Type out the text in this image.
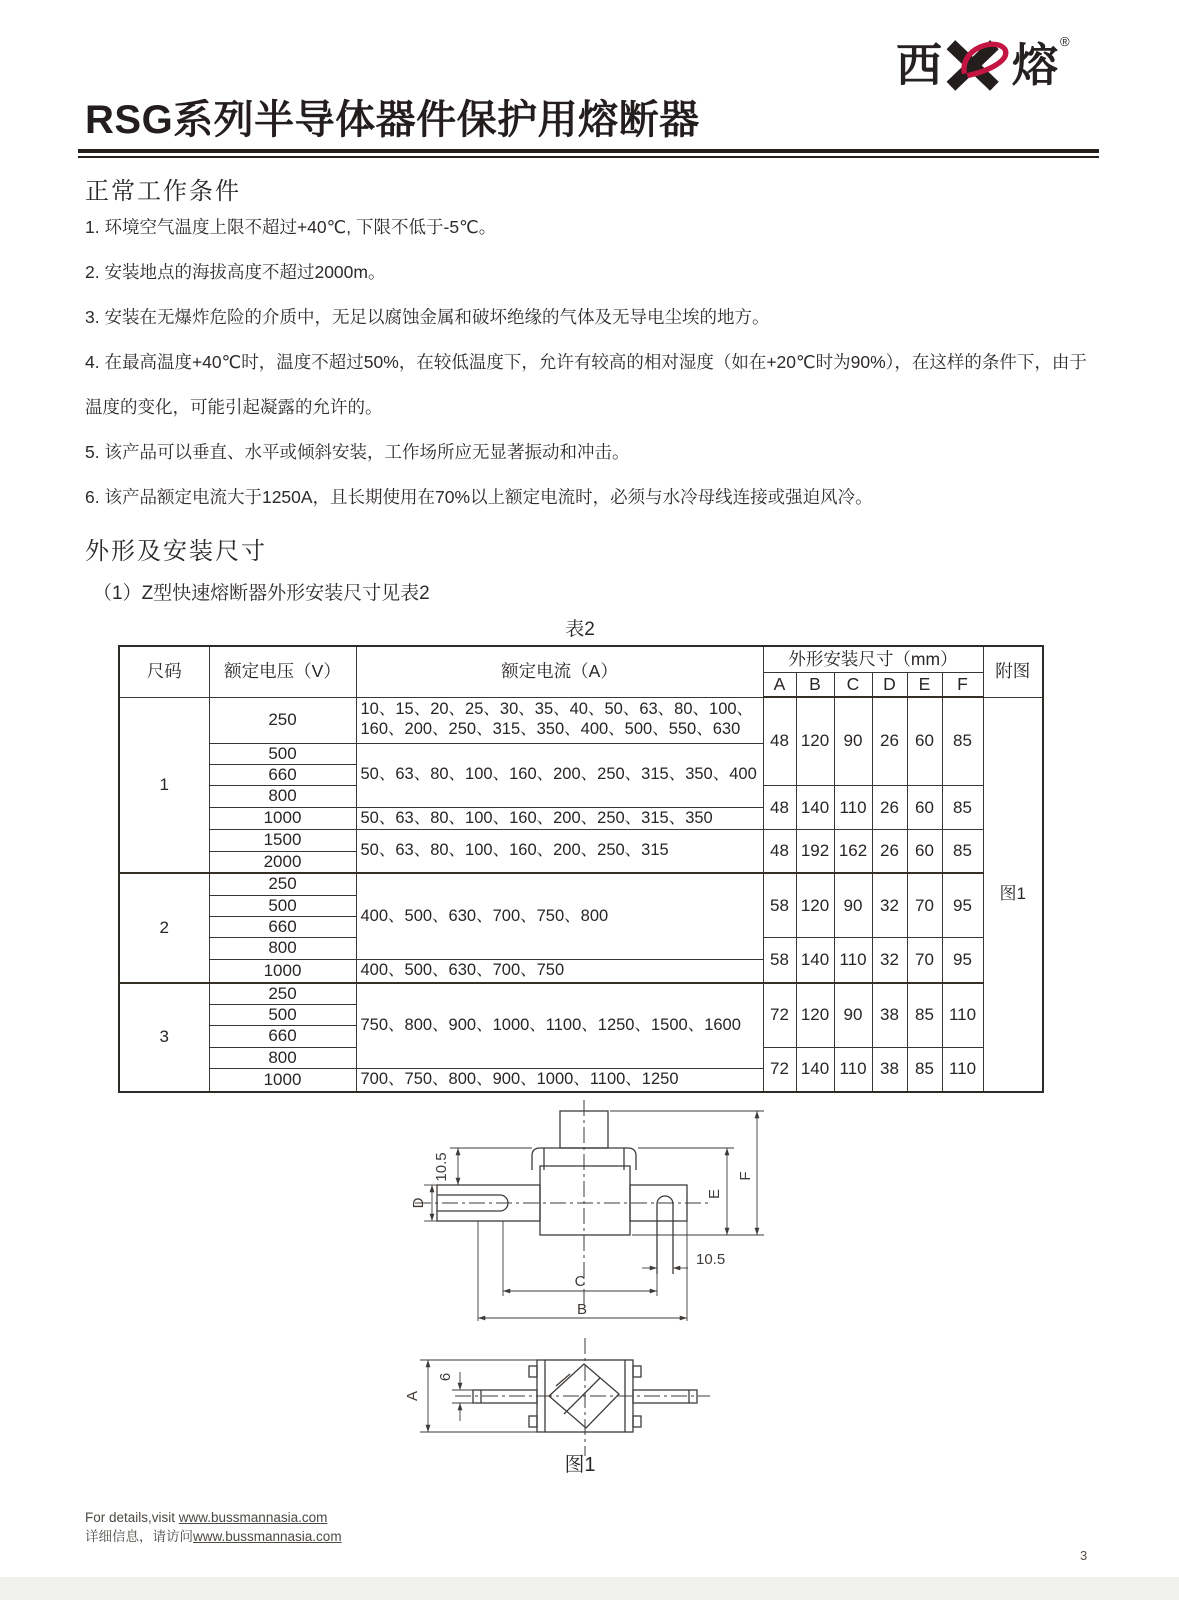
西 熔 ®
RSG系列半导体器件保护用熔断器
正常工作条件
1. 环境空气温度上限不超过+40℃, 下限不低于-5℃。
2. 安装地点的海拔高度不超过2000m。
3. 安装在无爆炸危险的介质中，无足以腐蚀金属和破坏绝缘的气体及无导电尘埃的地方。
4. 在最高温度+40℃时，温度不超过50%，在较低温度下，允许有较高的相对湿度（如在+20℃时为90%），在这样的条件下，由于温度的变化，可能引起凝露的允许的。
5. 该产品可以垂直、水平或倾斜安装，工作场所应无显著振动和冲击。
6. 该产品额定电流大于1250A，且长期使用在70%以上额定电流时，必须与水冷母线连接或强迫风冷。
外形及安装尺寸
（1）Z型快速熔断器外形安装尺寸见表2
表2
尺码	额定电压（V）	额定电流（A）	外形安装尺寸（mm）						附图
			A	B	C	D	E	F	
1	250	10、15、20、25、30、35、40、50、63、80、100、160、200、250、315、350、400、500、550、630	48	120	90	26	60	85	图1
	500	50、63、80、100、160、200、250、315、350、400							
	660								
	800		48	140	110	26	60	85	
	1000	50、63、80、100、160、200、250、315、350							
	1500	50、63、80、100、160、200、250、315	48	192	162	26	60	85	
	2000								
2	250	400、500、630、700、750、800	58	120	90	32	70	95	
	500								
	660								
	800		58	140	110	32	70	95	
	1000	400、500、630、700、750							
3	250	750、800、900、1000、1100、1250、1500、1600	72	120	90	38	85	110	
	500								
	660								
	800		72	140	110	38	85	110	
	1000	700、750、800、900、1000、1100、1250							
10.5
D
E
F
C
B
10.5
A
6
图1
For details,visit www.bussmannasia.com
详细信息，请访问www.bussmannasia.com
3
